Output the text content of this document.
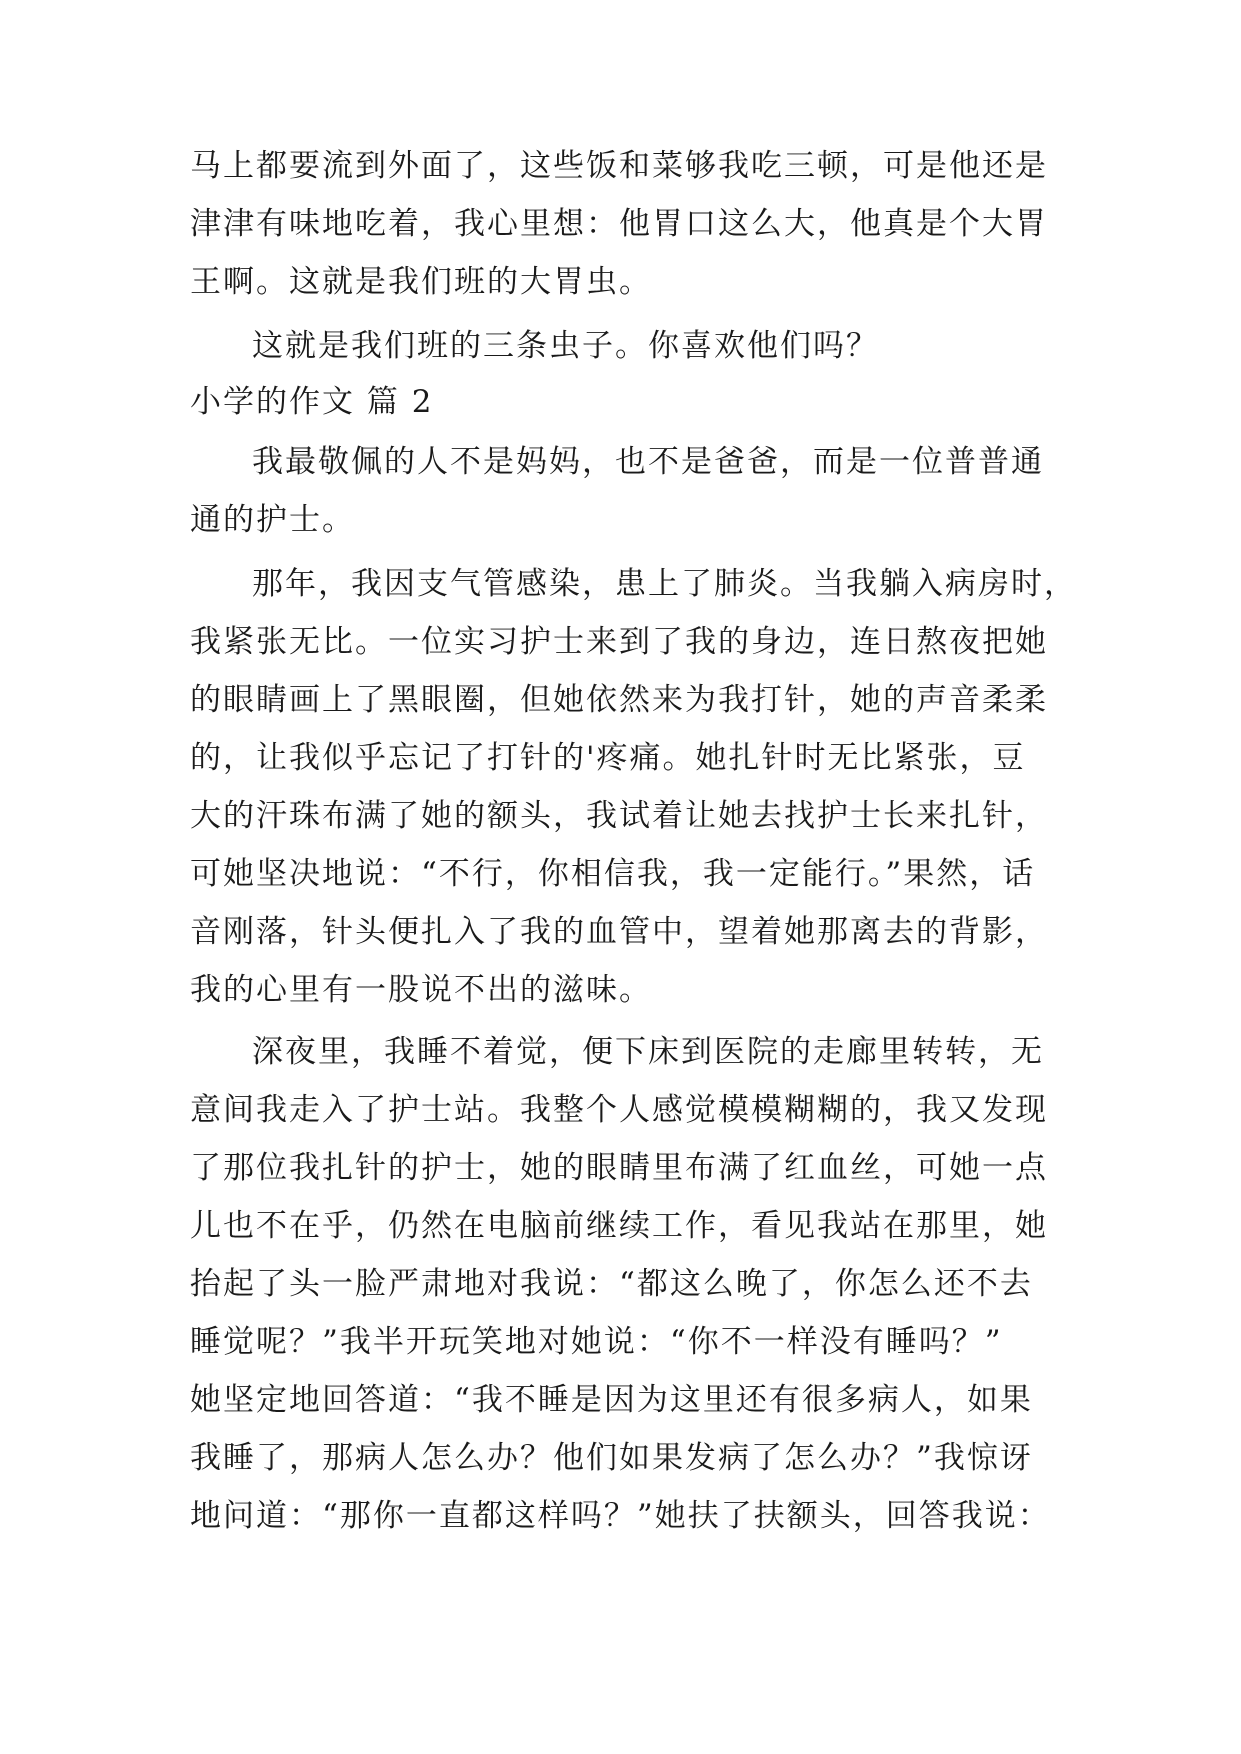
马上都要流到外面了，这些饭和菜够我吃三顿，可是他还是
津津有味地吃着，我心里想：他胃口这么大，他真是个大胃
王啊。这就是我们班的大胃虫。
这就是我们班的三条虫子。你喜欢他们吗？
小学的作文 篇 2
我最敬佩的人不是妈妈，也不是爸爸，而是一位普普通
通的护士。
那年，我因支气管感染，患上了肺炎。当我躺入病房时，
我紧张无比。一位实习护士来到了我的身边，连日熬夜把她
的眼睛画上了黑眼圈，但她依然来为我打针，她的声音柔柔
的，让我似乎忘记了打针的'疼痛。她扎针时无比紧张，豆
大的汗珠布满了她的额头，我试着让她去找护士长来扎针，
可她坚决地说：“不行，你相信我，我一定能行。”果然，话
音刚落，针头便扎入了我的血管中，望着她那离去的背影，
我的心里有一股说不出的滋味。
深夜里，我睡不着觉，便下床到医院的走廊里转转，无
意间我走入了护士站。我整个人感觉模模糊糊的，我又发现
了那位我扎针的护士，她的眼睛里布满了红血丝，可她一点
儿也不在乎，仍然在电脑前继续工作，看见我站在那里，她
抬起了头一脸严肃地对我说：“都这么晚了，你怎么还不去
睡觉呢？”我半开玩笑地对她说：“你不一样没有睡吗？”
她坚定地回答道：“我不睡是因为这里还有很多病人，如果
我睡了，那病人怎么办？他们如果发病了怎么办？”我惊讶
地问道：“那你一直都这样吗？”她扶了扶额头，回答我说：
